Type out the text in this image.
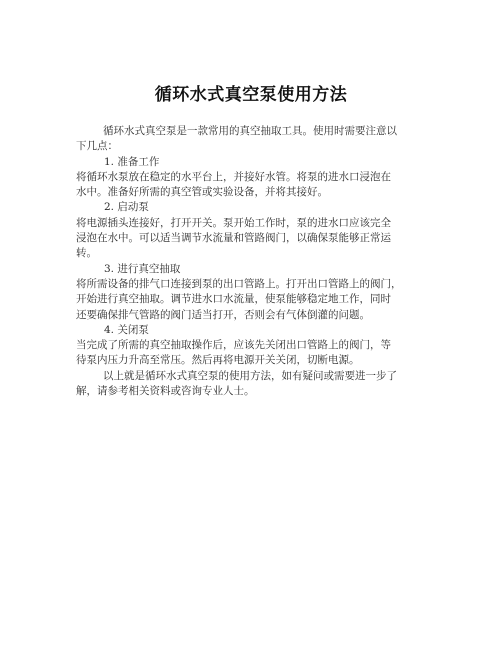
循环水式真空泵使用方法
循环水式真空泵是一款常用的真空抽取工具。使用时需要注意以
下几点：
1. 准备工作
将循环水泵放在稳定的水平台上，并接好水管。将泵的进水口浸泡在
水中。准备好所需的真空管或实验设备，并将其接好。
2. 启动泵
将电源插头连接好，打开开关。泵开始工作时，泵的进水口应该完全
浸泡在水中。可以适当调节水流量和管路阀门，以确保泵能够正常运
转。
3. 进行真空抽取
将所需设备的排气口连接到泵的出口管路上。打开出口管路上的阀门，
开始进行真空抽取。调节进水口水流量，使泵能够稳定地工作，同时
还要确保排气管路的阀门适当打开，否则会有气体倒灌的问题。
4. 关闭泵
当完成了所需的真空抽取操作后，应该先关闭出口管路上的阀门，等
待泵内压力升高至常压。然后再将电源开关关闭，切断电源。
以上就是循环水式真空泵的使用方法，如有疑问或需要进一步了
解，请参考相关资料或咨询专业人士。
